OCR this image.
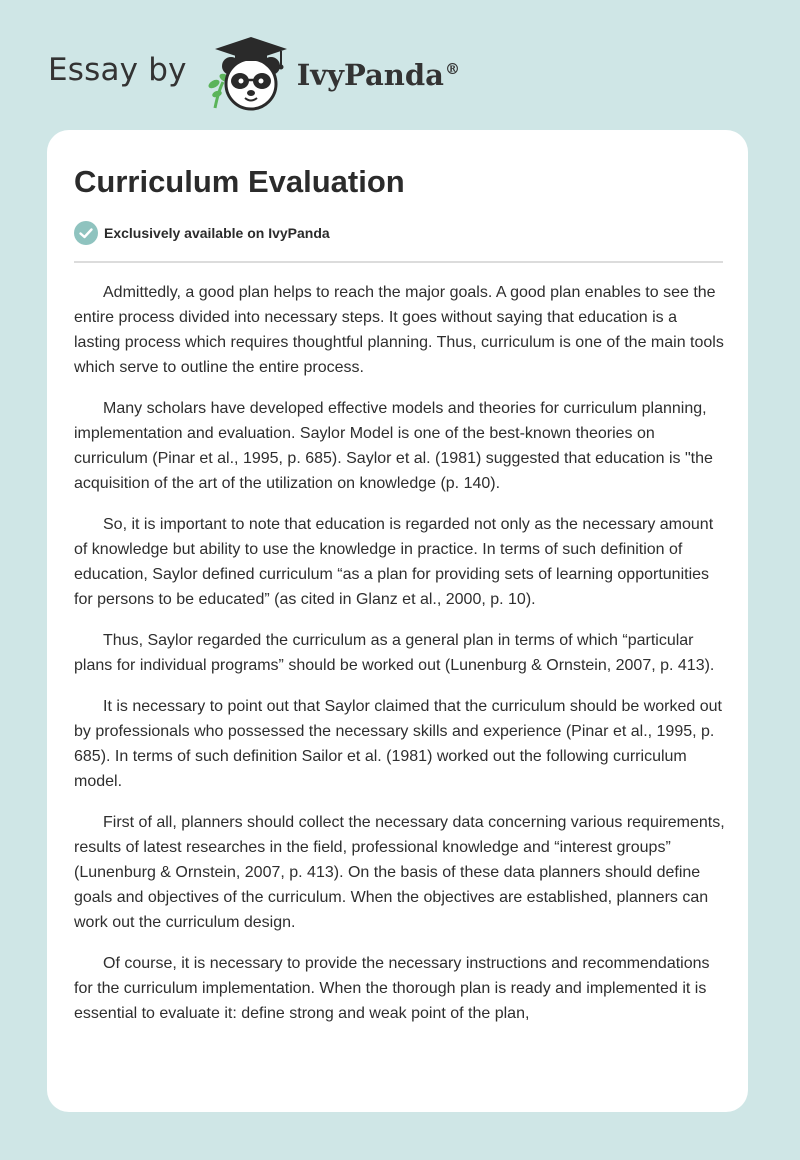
Essay by	IvyPanda®
Curriculum Evaluation
Exclusively available on IvyPanda

Admittedly, a good plan helps to reach the major goals. A good plan enables to see the entire process divided into necessary steps. It goes without saying that education is a lasting process which requires thoughtful planning. Thus, curriculum is one of the main tools which serve to outline the entire process.

Many scholars have developed effective models and theories for curriculum planning, implementation and evaluation. Saylor Model is one of the best-known theories on curriculum (Pinar et al., 1995, p. 685). Saylor et al. (1981) suggested that education is "the acquisition of the art of the utilization on knowledge (p. 140).

So, it is important to note that education is regarded not only as the necessary amount of knowledge but ability to use the knowledge in practice. In terms of such definition of education, Saylor defined curriculum “as a plan for providing sets of learning opportunities for persons to be educated” (as cited in Glanz et al., 2000, p. 10).

Thus, Saylor regarded the curriculum as a general plan in terms of which “particular plans for individual programs” should be worked out (Lunenburg & Ornstein, 2007, p. 413).

It is necessary to point out that Saylor claimed that the curriculum should be worked out by professionals who possessed the necessary skills and experience (Pinar et al., 1995, p. 685). In terms of such definition Sailor et al. (1981) worked out the following curriculum model.

First of all, planners should collect the necessary data concerning various requirements, results of latest researches in the field, professional knowledge and “interest groups” (Lunenburg & Ornstein, 2007, p. 413). On the basis of these data planners should define goals and objectives of the curriculum. When the objectives are established, planners can work out the curriculum design.

Of course, it is necessary to provide the necessary instructions and recommendations for the curriculum implementation. When the thorough plan is ready and implemented it is essential to evaluate it: define strong and weak point of the plan,
